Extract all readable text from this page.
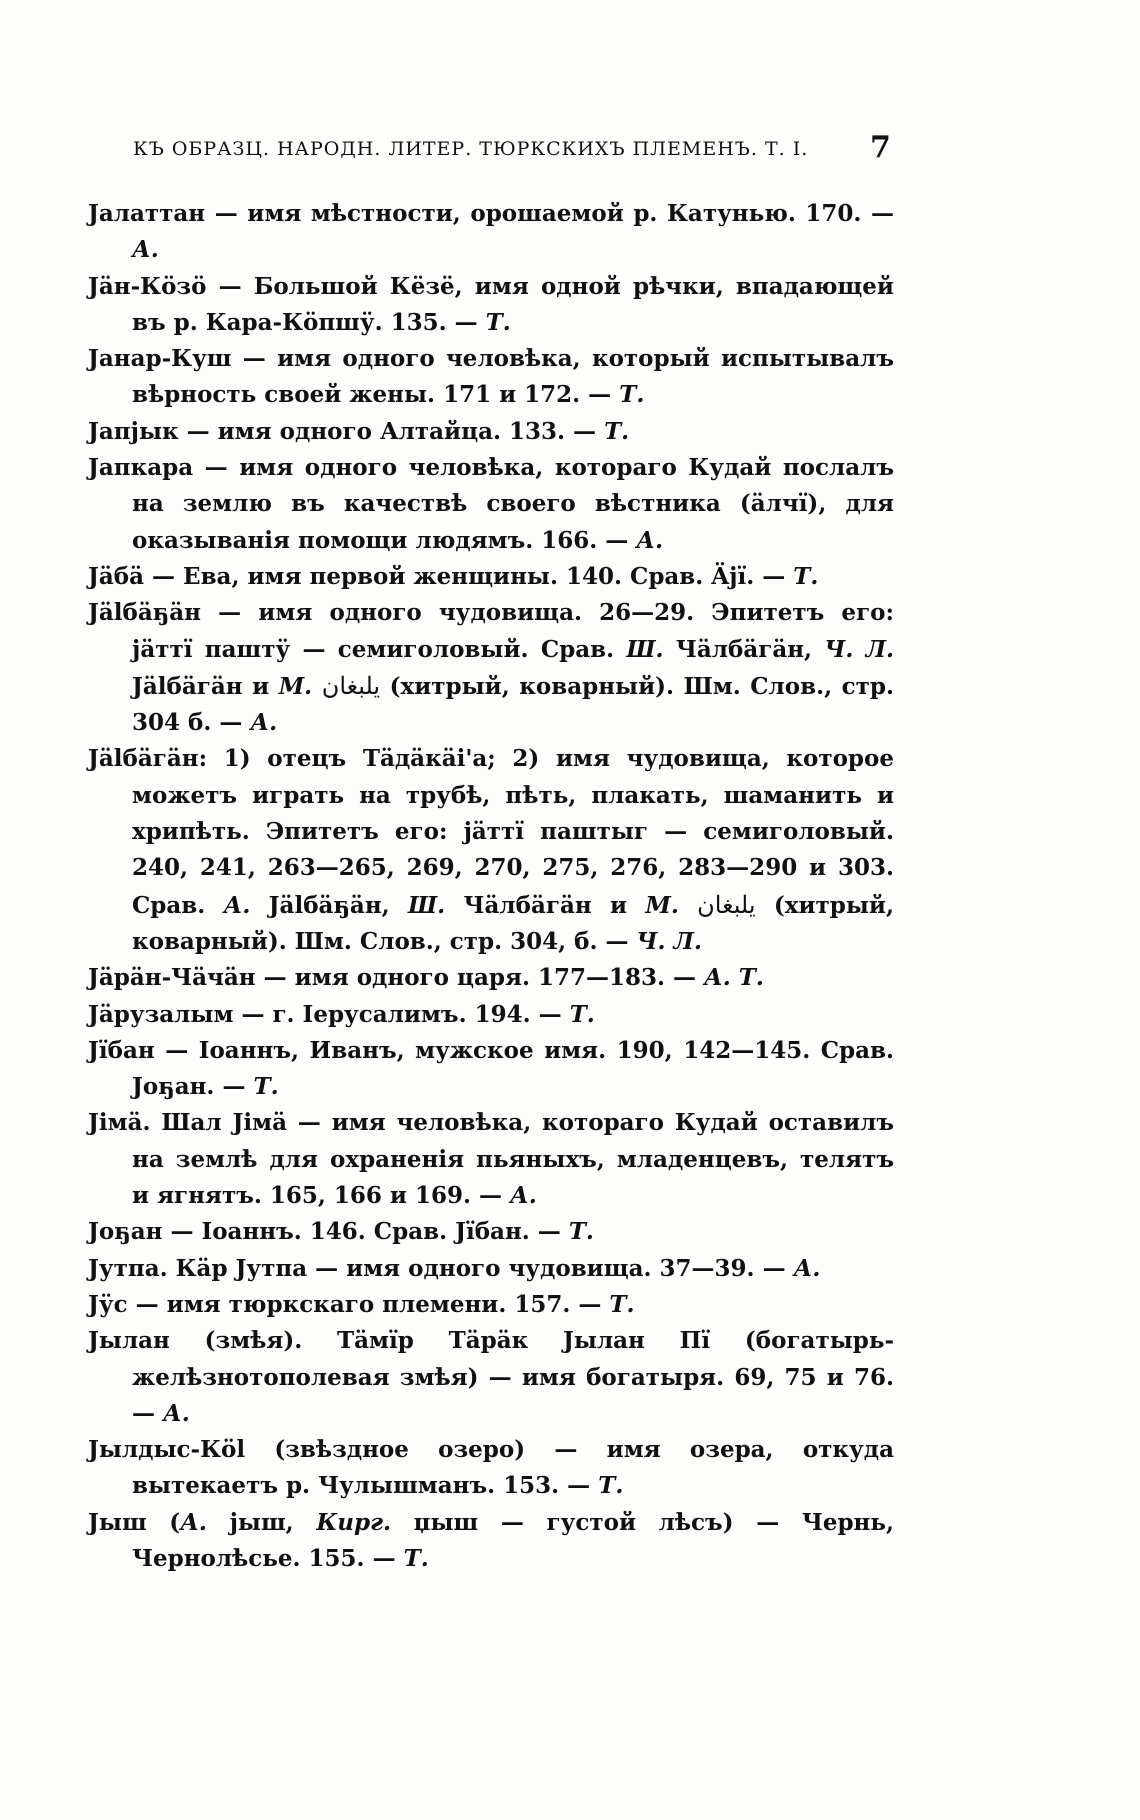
КЪ ОБРАЗЦ. НАРОДН. ЛИТЕР. ТЮРКСКИХЪ ПЛЕМЕНЪ. Т. I.	7

Jалаттан — имя мѣстности, орошаемой р. Катунью. 170. — А.

Jäн-Кöзö — Большой Кёзё, имя одной рѣчки, впадающей въ р. Кара-Кöпшӱ. 135. — Т.

Jанар-Куш — имя одного человѣка, который испытывалъ вѣрность своей жены. 171 и 172. — Т.

Jапjык — имя одного Алтайца. 133. — Т.

Jапкара — имя одного человѣка, котораго Кудай послалъ на землю въ качествѣ своего вѣстника (äлчï), для оказыванія помощи людямъ. 166. — А.

Jäбä — Ева, имя первой женщины. 140. Срав. Äjï. — Т.

Jälбäҕäн — имя одного чудовища. 26—29. Эпитетъ его: jäттï паштӱ — семиголовый. Срав. Ш. Чäлбäгäн, Ч. Л. Jälбäгäн и М. يلبغان (хитрый, коварный). Шм. Слов., стр. 304 б. — А.

Jälбäгäн: 1) отецъ Тäдäкäi'а; 2) имя чудовища, которое можетъ играть на трубѣ, пѣть, плакать, шаманить и хрипѣть. Эпитетъ его: jäттï паштыг — семиголовый. 240, 241, 263—265, 269, 270, 275, 276, 283—290 и 303. Срав. А. Jälбäҕäн, Ш. Чäлбäгäн и М. يلبغان (хитрый, коварный). Шм. Слов., стр. 304, б. — Ч. Л.

Jäрäн-Чäчäн — имя одного царя. 177—183. — А. Т.

Jäрузалым — г. Іерусалимъ. 194. — Т.

Jïбан — Іоаннъ, Иванъ, мужское имя. 190, 142—145. Срав. Joҕан. — Т.

Jімä. Шал Jімä — имя человѣка, котораго Кудай оставилъ на землѣ для охраненія пьяныхъ, младенцевъ, телятъ и ягнятъ. 165, 166 и 169. — А.

Joҕан — Іоаннъ. 146. Срав. Jïбан. — Т.

Jутпа. Кäр Jутпа — имя одного чудовища. 37—39. — А.

Jӱс — имя тюркскаго племени. 157. — Т.

Jылан (змѣя). Тäмïр Тäрäк Jылан Пï (богатырь-желѣзнотополевая змѣя) — имя богатыря. 69, 75 и 76. — А.

Jылдыс-Кöl (звѣздное озеро) — имя озера, откуда вытекаетъ р. Чулышманъ. 153. — Т.

Jыш (А. jыш, Кирг. џыш — густой лѣсъ) — Чернь, Чернолѣсье. 155. — Т.
